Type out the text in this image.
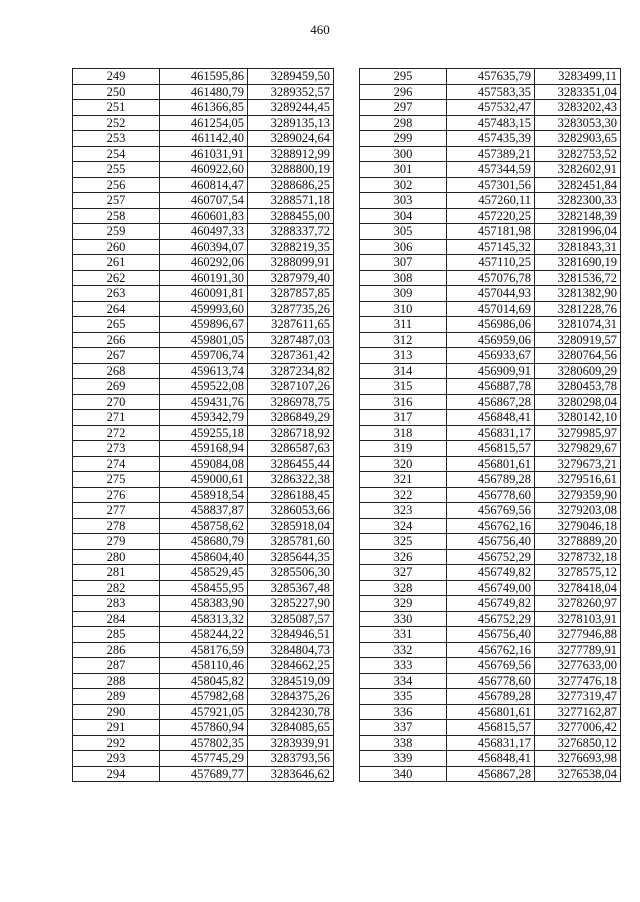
460
249	461595,86	3289459,50
250	461480,79	3289352,57
251	461366,85	3289244,45
252	461254,05	3289135,13
253	461142,40	3289024,64
254	461031,91	3288912,99
255	460922,60	3288800,19
256	460814,47	3288686,25
257	460707,54	3288571,18
258	460601,83	3288455,00
259	460497,33	3288337,72
260	460394,07	3288219,35
261	460292,06	3288099,91
262	460191,30	3287979,40
263	460091,81	3287857,85
264	459993,60	3287735,26
265	459896,67	3287611,65
266	459801,05	3287487,03
267	459706,74	3287361,42
268	459613,74	3287234,82
269	459522,08	3287107,26
270	459431,76	3286978,75
271	459342,79	3286849,29
272	459255,18	3286718,92
273	459168,94	3286587,63
274	459084,08	3286455,44
275	459000,61	3286322,38
276	458918,54	3286188,45
277	458837,87	3286053,66
278	458758,62	3285918,04
279	458680,79	3285781,60
280	458604,40	3285644,35
281	458529,45	3285506,30
282	458455,95	3285367,48
283	458383,90	3285227,90
284	458313,32	3285087,57
285	458244,22	3284946,51
286	458176,59	3284804,73
287	458110,46	3284662,25
288	458045,82	3284519,09
289	457982,68	3284375,26
290	457921,05	3284230,78
291	457860,94	3284085,65
292	457802,35	3283939,91
293	457745,29	3283793,56
294	457689,77	3283646,62
295	457635,79	3283499,11
296	457583,35	3283351,04
297	457532,47	3283202,43
298	457483,15	3283053,30
299	457435,39	3282903,65
300	457389,21	3282753,52
301	457344,59	3282602,91
302	457301,56	3282451,84
303	457260,11	3282300,33
304	457220,25	3282148,39
305	457181,98	3281996,04
306	457145,32	3281843,31
307	457110,25	3281690,19
308	457076,78	3281536,72
309	457044,93	3281382,90
310	457014,69	3281228,76
311	456986,06	3281074,31
312	456959,06	3280919,57
313	456933,67	3280764,56
314	456909,91	3280609,29
315	456887,78	3280453,78
316	456867,28	3280298,04
317	456848,41	3280142,10
318	456831,17	3279985,97
319	456815,57	3279829,67
320	456801,61	3279673,21
321	456789,28	3279516,61
322	456778,60	3279359,90
323	456769,56	3279203,08
324	456762,16	3279046,18
325	456756,40	3278889,20
326	456752,29	3278732,18
327	456749,82	3278575,12
328	456749,00	3278418,04
329	456749,82	3278260,97
330	456752,29	3278103,91
331	456756,40	3277946,88
332	456762,16	3277789,91
333	456769,56	3277633,00
334	456778,60	3277476,18
335	456789,28	3277319,47
336	456801,61	3277162,87
337	456815,57	3277006,42
338	456831,17	3276850,12
339	456848,41	3276693,98
340	456867,28	3276538,04
